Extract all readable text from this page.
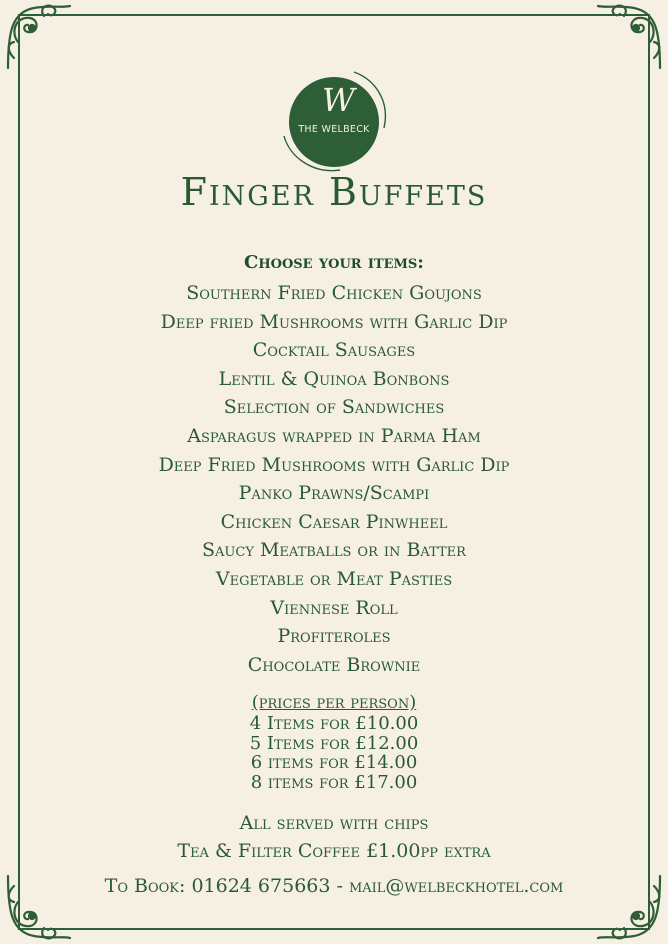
W
THE WELBECK
Finger Buffets
Choose your items:
Southern Fried Chicken Goujons
Deep fried Mushrooms with Garlic Dip
Cocktail Sausages
Lentil & Quinoa Bonbons
Selection of Sandwiches
Asparagus wrapped in Parma Ham
Deep Fried Mushrooms with Garlic Dip
Panko Prawns/Scampi
Chicken Caesar Pinwheel
Saucy Meatballs or in Batter
Vegetable or Meat Pasties
Viennese Roll
Profiteroles
Chocolate Brownie
(prices per person)
4 Items for £10.00
5 Items for £12.00
6 items for £14.00
8 items for £17.00
All served with chips
Tea & Filter Coffee £1.00pp extra
To Book: 01624 675663 - mail@welbeckhotel.com
